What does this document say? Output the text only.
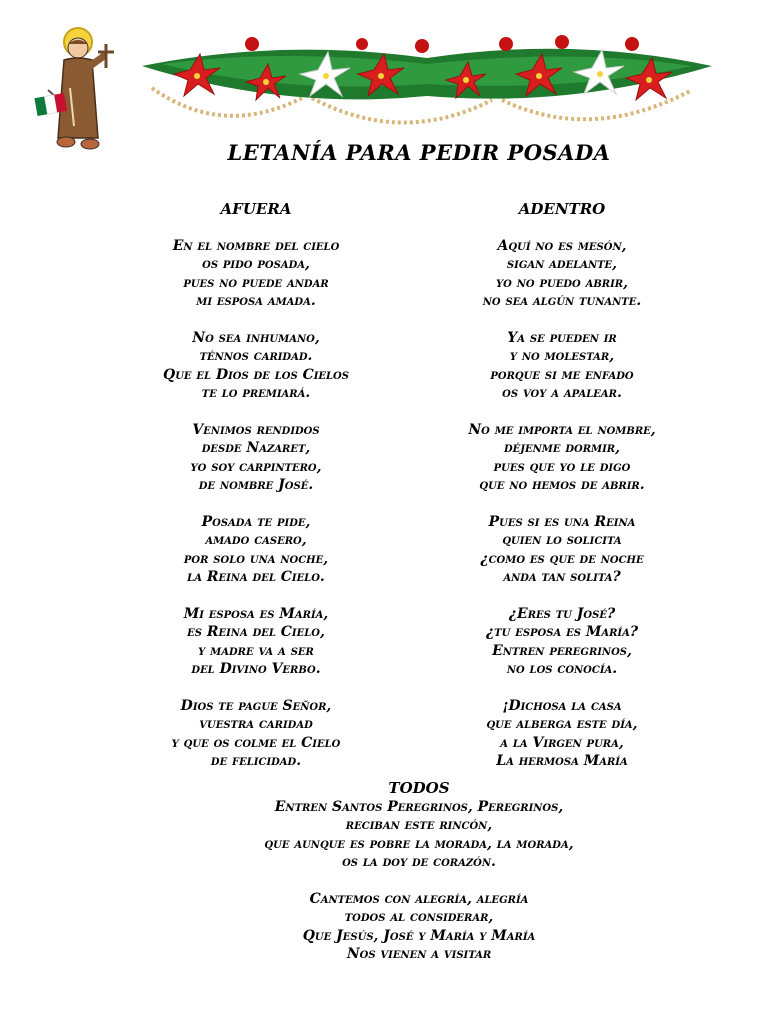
LETANÍA PARA PEDIR POSADA
AFUERA	ADENTRO
En el nombre del cielo
os pido posada,
pues no puede andar
mi esposa amada.
No sea inhumano,
ténnos caridad.
Que el Dios de los Cielos
te lo premiará.
Venimos rendidos
desde Nazaret,
yo soy carpintero,
de nombre José.
Posada te pide,
amado casero,
por solo una noche,
la Reina del Cielo.
Mi esposa es María,
es Reina del Cielo,
y madre va a ser
del Divino Verbo.
Dios te pague Señor,
vuestra caridad
y que os colme el Cielo
de felicidad.
Aquí no es mesón,
sigan adelante,
yo no puedo abrir,
no sea algún tunante.
Ya se pueden ir
y no molestar,
porque si me enfado
os voy a apalear.
No me importa el nombre,
déjenme dormir,
pues que yo le digo
que no hemos de abrir.
Pues si es una Reina
quien lo solicita
¿como es que de noche
anda tan solita?
¿Eres tu José?
¿tu esposa es María?
Entren peregrinos,
no los conocía.
¡Dichosa la casa
que alberga este día,
a la Virgen pura,
La hermosa María
TODOS
Entren Santos Peregrinos, Peregrinos,
reciban este rincón,
que aunque es pobre la morada, la morada,
os la doy de corazón.
Cantemos con alegría, alegría
todos al considerar,
Que Jesús, José y María y María
Nos vienen a visitar
